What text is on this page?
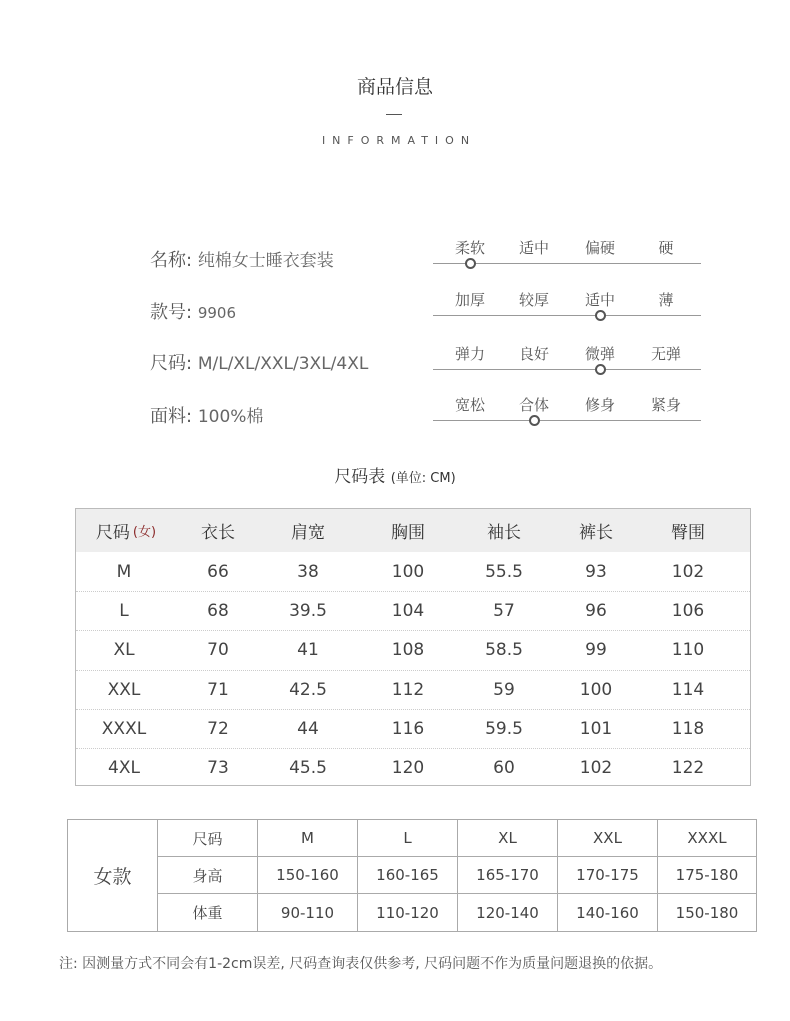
商品信息
INFORMATION
名称: 纯棉女士睡衣套装
款号: 9906
尺码: M/L/XL/XXL/3XL/4XL
面料: 100%棉
柔软	适中	偏硬	硬
加厚	较厚	适中	薄
弹力	良好	微弹	无弹
宽松	合体	修身	紧身
尺码表 (单位: CM)
尺码 (女)	衣长	肩宽	胸围	袖长	裤长	臀围
M	66	38	100	55.5	93	102
L	68	39.5	104	57	96	106
XL	70	41	108	58.5	99	110
XXL	71	42.5	112	59	100	114
XXXL	72	44	116	59.5	101	118
4XL	73	45.5	120	60	102	122
女款
尺码	M	L	XL	XXL	XXXL
身高	150-160	160-165	165-170	170-175	175-180
体重	90-110	110-120	120-140	140-160	150-180
注: 因测量方式不同会有1-2cm误差, 尺码查询表仅供参考, 尺码问题不作为质量问题退换的依据。
